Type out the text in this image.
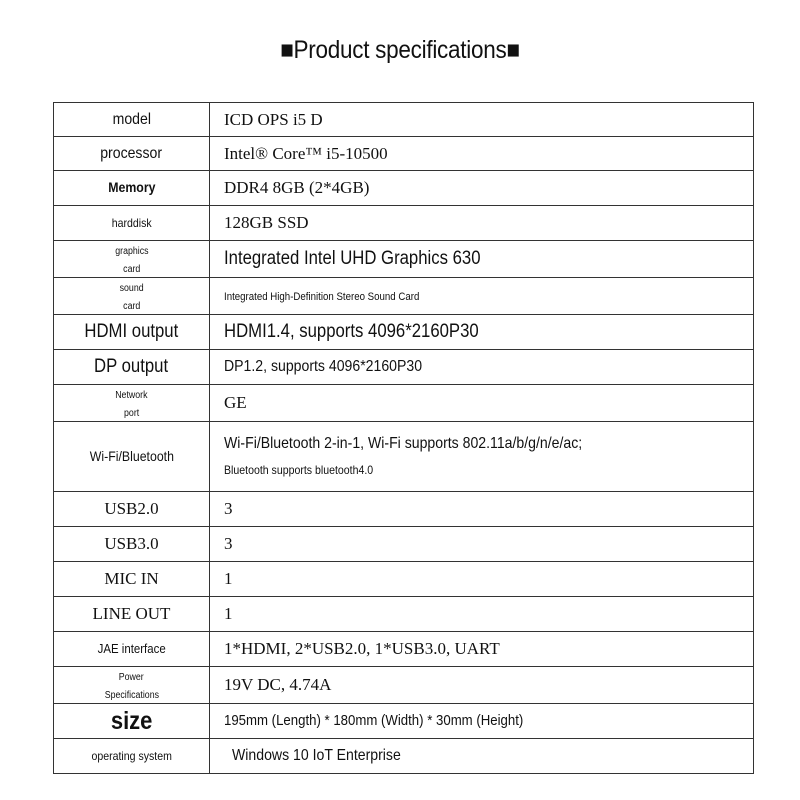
■Product specifications■
model	ICD OPS i5 D
processor	Intel® Core™ i5-10500
Memory	DDR4 8GB (2*4GB)
harddisk	128GB SSD
graphics
card	Integrated Intel UHD Graphics 630
sound
card	Integrated High-Definition Stereo Sound Card
HDMI output	HDMI1.4, supports 4096*2160P30
DP output	DP1.2, supports 4096*2160P30
Network
port	GE
Wi-Fi/Bluetooth	Wi-Fi/Bluetooth 2-in-1, Wi-Fi supports 802.11a/b/g/n/e/ac;
Bluetooth supports bluetooth4.0
USB2.0	3
USB3.0	3
MIC IN	1
LINE OUT	1
JAE interface	1*HDMI, 2*USB2.0, 1*USB3.0, UART
Power
Specifications	19V DC, 4.74A
size	195mm (Length) * 180mm (Width) * 30mm (Height)
operating system	Windows 10 IoT Enterprise
